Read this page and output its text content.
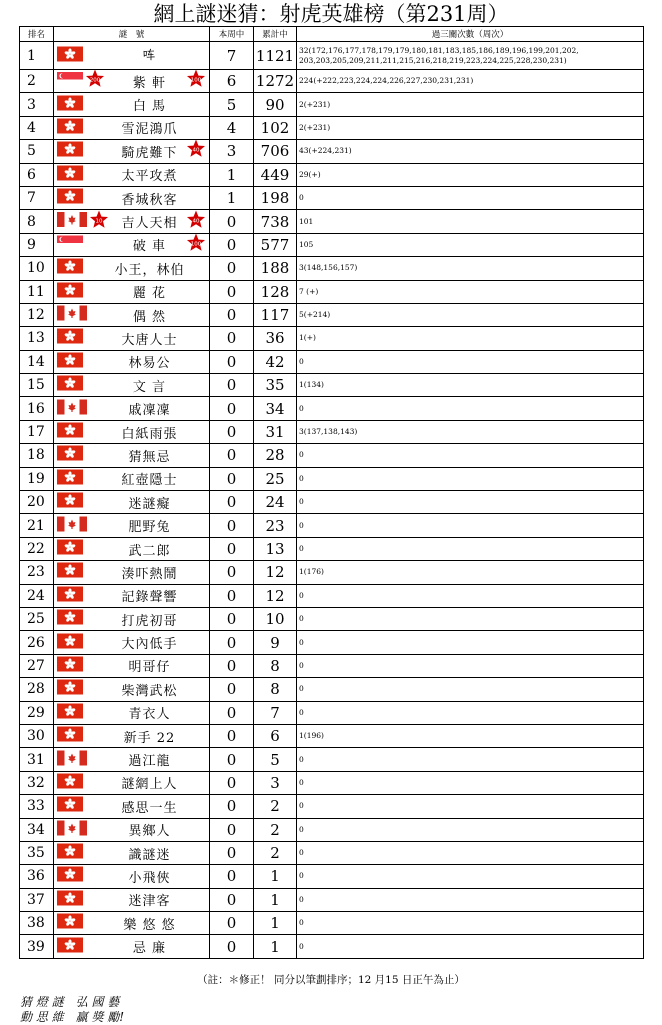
網上謎迷猜：射虎英雄榜（第231周）
排名	謎　號	本周中	累計中	過三關次數（周次）
1	𪠳	7	1121	32(172,176,177,178,179,179,180,181,183,185,186,189,196,199,201,202,
203,203,205,209,211,211,215,216,218,219,223,224,225,228,230,231)

2	200 紫 軒 100	6	1272	224(+222,223,224,224,226,227,230,231,231)

3	白 馬	5	90	2(+231)

4	雪泥鴻爪	4	102	2(+231)

5	騎虎難下 40	3	706	43(+224,231)

6	太平攻煮	1	449	29(+)

7	香城秋客	1	198	0

8	10 吉人天相 40	0	738	101

9	破 車 100	0	577	105

10	小王，林伯	0	188	3(148,156,157)

11	麗 花	0	128	7 (+)

12	偶 然	0	117	5(+214)

13	大唐人士	0	36	1(+)

14	林易公	0	42	0

15	文 言	0	35	1(134)

16	戚凜凜	0	34	0

17	白紙雨張	0	31	3(137,138,143)

18	猜無忌	0	28	0

19	紅壺隱士	0	25	0

20	迷謎癡	0	24	0

21	肥野兔	0	23	0

22	武二郎	0	13	0

23	湊吓熱鬧	0	12	1(176)

24	記錄聲響	0	12	0

25	打虎初哥	0	10	0

26	大內低手	0	9	0

27	明哥仔	0	8	0

28	柴灣武松	0	8	0

29	青衣人	0	7	0

30	新手 22	0	6	1(196)

31	過江龍	0	5	0

32	謎網上人	0	3	0

33	感思一生	0	2	0

34	異鄉人	0	2	0

35	識謎迷	0	2	0

36	小飛俠	0	1	0

37	迷津客	0	1	0

38	樂 悠 悠	0	1	0

39	忌 廉	0	1	0
（註：＊修正！ 同分以筆劃排序；12 月15 日正午為止）
猜 燈 謎　弘 國 藝
動 思 維　贏 獎 勵!
